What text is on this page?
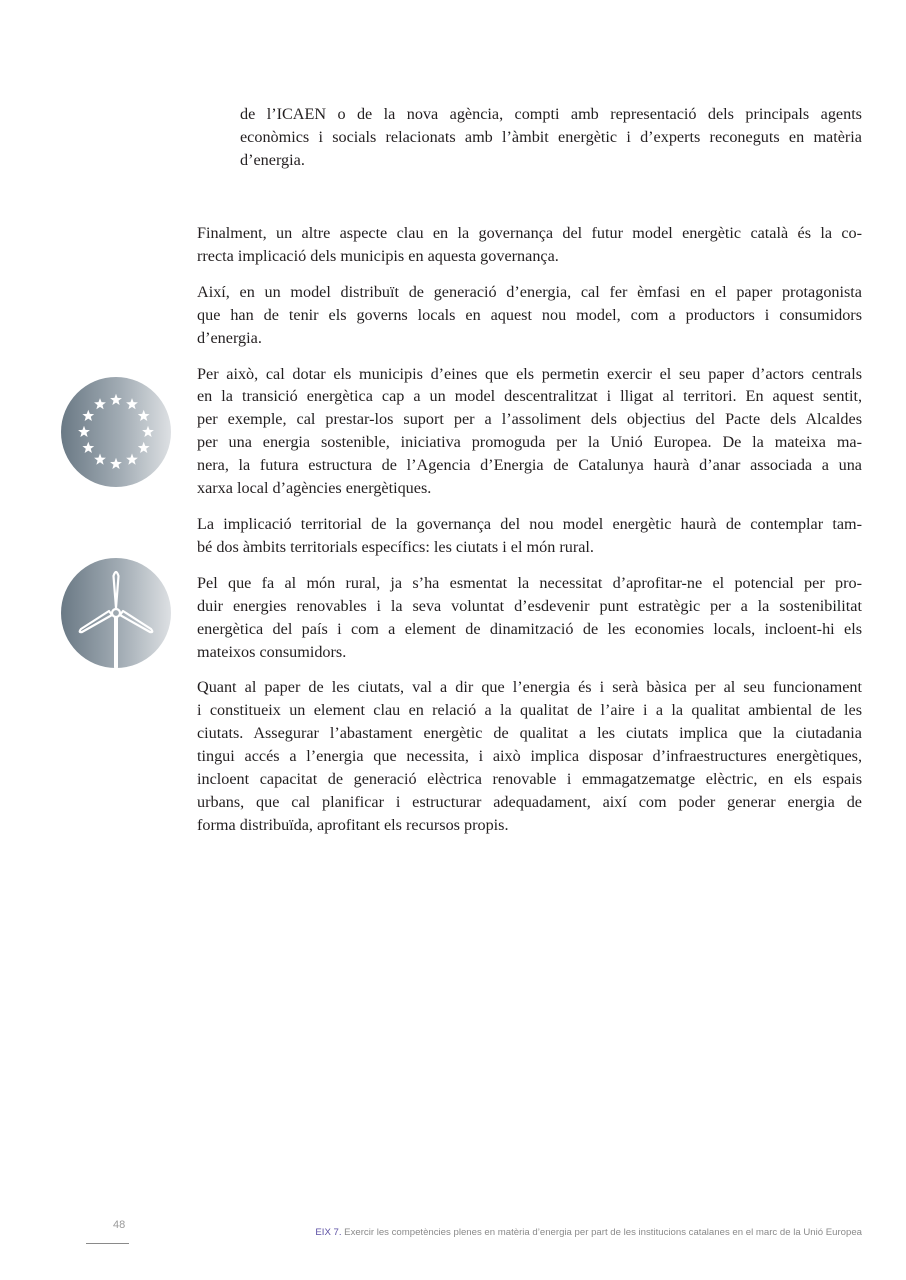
de l’ICAEN o de la nova agència, compti amb representació dels principals agents
econòmics i socials relacionats amb l’àmbit energètic i d’experts reconeguts en matèria
d’energia.
Finalment, un altre aspecte clau en la governança del futur model energètic català és la co-
rrecta implicació dels municipis en aquesta governança.
Així, en un model distribuït de generació d’energia, cal fer èmfasi en el paper protagonista
que han de tenir els governs locals en aquest nou model, com a productors i consumidors
d’energia.
Per això, cal dotar els municipis d’eines que els permetin exercir el seu paper d’actors centrals
en la transició energètica cap a un model descentralitzat i lligat al territori. En aquest sentit,
per exemple, cal prestar-los suport per a l’assoliment dels objectius del Pacte dels Alcaldes
per una energia sostenible, iniciativa promoguda per la Unió Europea. De la mateixa ma-
nera, la futura estructura de l’Agencia d’Energia de Catalunya haurà d’anar associada a una
xarxa local d’agències energètiques.
La implicació territorial de la governança del nou model energètic haurà de contemplar tam-
bé dos àmbits territorials específics: les ciutats i el món rural.
Pel que fa al món rural, ja s’ha esmentat la necessitat d’aprofitar-ne el potencial per pro-
duir energies renovables i la seva voluntat d’esdevenir punt estratègic per a la sostenibilitat
energètica del país i com a element de dinamització de les economies locals, incloent-hi els
mateixos consumidors.
Quant al paper de les ciutats, val a dir que l’energia és i serà bàsica per al seu funcionament
i constitueix un element clau en relació a la qualitat de l’aire i a la qualitat ambiental de les
ciutats. Assegurar l’abastament energètic de qualitat a les ciutats implica que la ciutadania
tingui accés a l’energia que necessita, i això implica disposar d’infraestructures energètiques,
incloent capacitat de generació elèctrica renovable i emmagatzematge elèctric, en els espais
urbans, que cal planificar i estructurar adequadament, així com poder generar energia de
forma distribuïda, aprofitant els recursos propis.
48
EIX 7. Exercir les competències plenes en matèria d’energia per part de les institucions catalanes en el marc de la Unió Europea
